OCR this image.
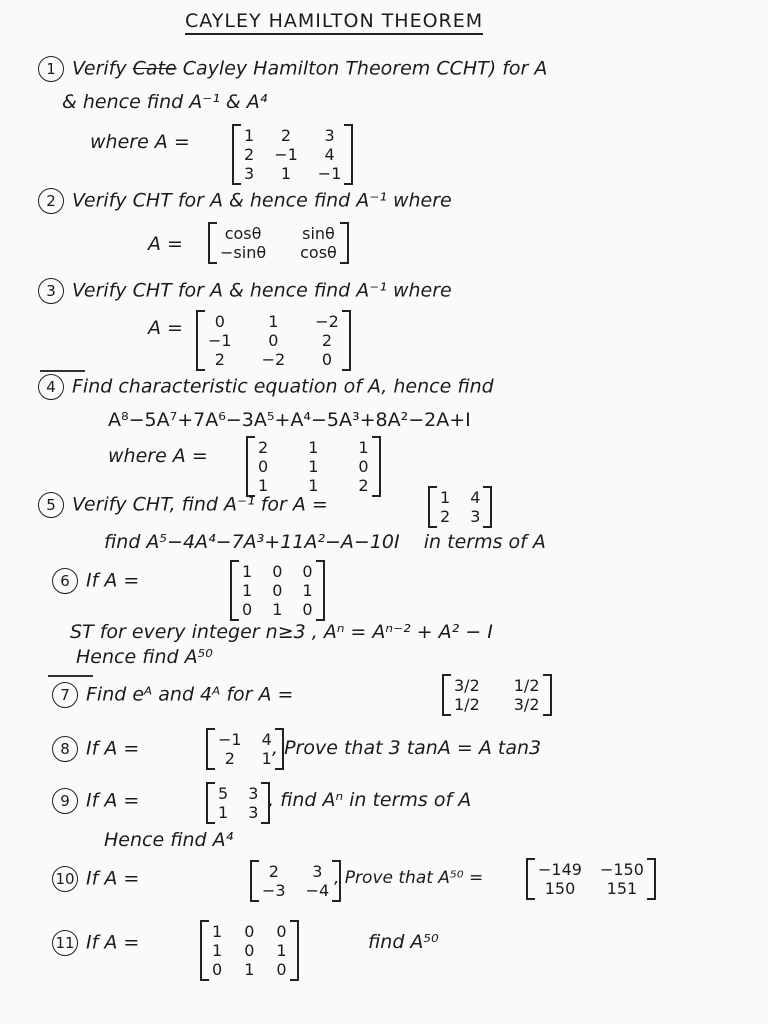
CAYLEY HAMILTON THEOREM
1 Verify Cate Cayley Hamilton Theorem CCHT) for A
& hence find A⁻¹ & A⁴
where A =	1	2	3
2 −1	4
3	1	−1
2 Verify CHT for A & hence find A⁻¹ where
A =	cosθ	sinθ
−sinθ cosθ
3 Verify CHT for A & hence find A⁻¹ where
A =	0	1	−2
−1	0	2
2	−2	0
4 Find characteristic equation of A, hence find
A⁸−5A⁷+7A⁶−3A⁵+A⁴−5A³+8A²−2A+I
where A =	2	1	1
0	1	0
1	1	2
5 Verify CHT, find A⁻¹ for A =	1 4
2 3
find A⁵−4A⁴−7A³+11A²−A−10I in terms of A
6 If A =	1 0 0
1 0 1
0 1 0
ST for every integer n≥3 , Aⁿ = Aⁿ⁻² + A² − I
Hence find A⁵⁰
7 Find eᴬ and 4ᴬ for A =	3/2 1/2
1/2 3/2
8 If A =	−1 4
2	1 , Prove that 3 tanA = A tan3
9 If A =	5 3
1 3
, find Aⁿ in terms of A
Hence find A⁴
10 If A =	2	3
−3 −4
, Prove that A⁵⁰ =	−149 −150
150	151
11 If A =	1 0 0
1 0 1
0 1 0
find A⁵⁰
